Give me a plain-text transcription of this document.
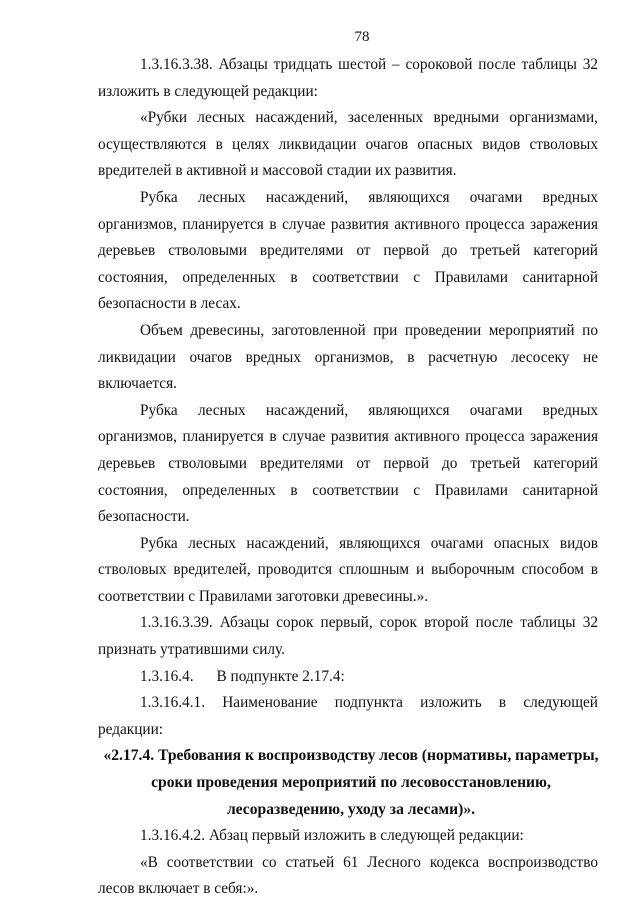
78

1.3.16.3.38. Абзацы тридцать шестой – сороковой после таблицы 32 изложить в следующей редакции:

«Рубки лесных насаждений, заселенных вредными организмами, осуществляются в целях ликвидации очагов опасных видов стволовых вредителей в активной и массовой стадии их развития.

Рубка лесных насаждений, являющихся очагами вредных организмов, планируется в случае развития активного процесса заражения деревьев стволовыми вредителями от первой до третьей категорий состояния, определенных в соответствии с Правилами санитарной безопасности в лесах.

Объем древесины, заготовленной при проведении мероприятий по ликвидации очагов вредных организмов, в расчетную лесосеку не включается.

Рубка лесных насаждений, являющихся очагами вредных организмов, планируется в случае развития активного процесса заражения деревьев стволовыми вредителями от первой до третьей категорий состояния, определенных в соответствии с Правилами санитарной безопасности.

Рубка лесных насаждений, являющихся очагами опасных видов стволовых вредителей, проводится сплошным и выборочным способом в соответствии с Правилами заготовки древесины.».

1.3.16.3.39. Абзацы сорок первый, сорок второй после таблицы 32 признать утратившими силу.

1.3.16.4.      В подпункте 2.17.4:

1.3.16.4.1. Наименование подпункта изложить в следующей редакции:

«2.17.4. Требования к воспроизводству лесов (нормативы, параметры,
сроки проведения мероприятий по лесовосстановлению,
лесоразведению, уходу за лесами)».

1.3.16.4.2. Абзац первый изложить в следующей редакции:

«В соответствии со статьей 61 Лесного кодекса воспроизводство лесов включает в себя:».
